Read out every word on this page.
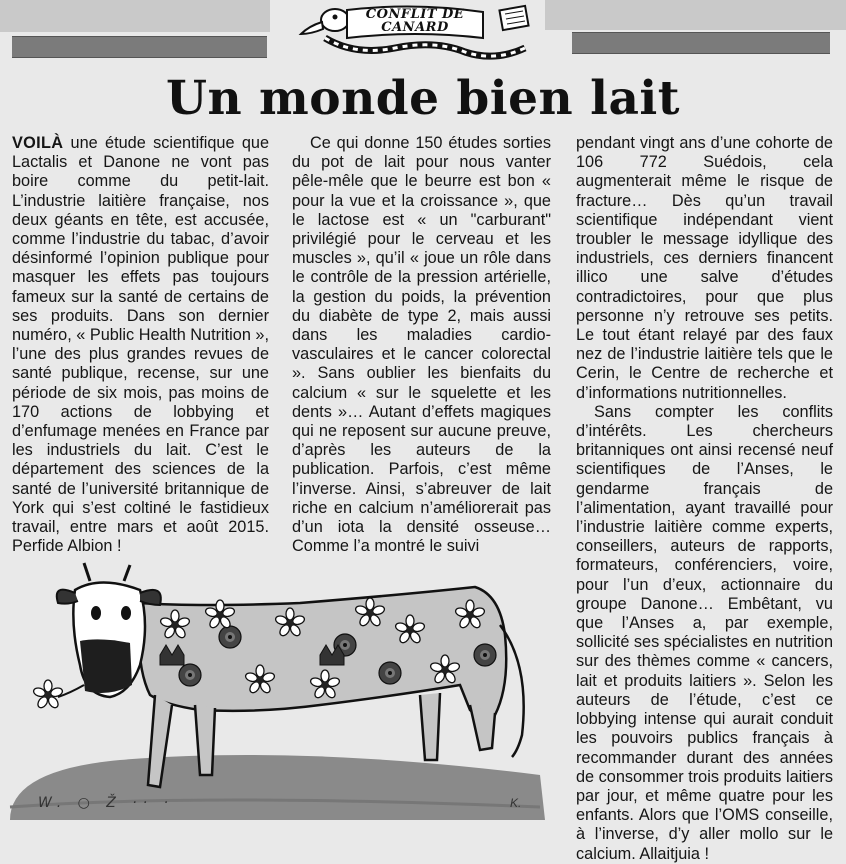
CONFLIT DE
CANARD
Un monde bien lait

VOILÀ une étude scientifique que Lactalis et Danone ne vont pas boire comme du petit-lait. L’industrie laitière française, nos deux géants en tête, est accusée, comme l’industrie du tabac, d’avoir désinformé l’opinion publique pour masquer les effets pas toujours fameux sur la santé de certains de ses produits. Dans son dernier numéro, « Public Health Nutrition », l’une des plus grandes revues de santé publique, recense, sur une période de six mois, pas moins de 170 actions de lobbying et d’enfumage menées en France par les industriels du lait. C’est le département des sciences de la santé de l’université britannique de York qui s’est coltiné le fastidieux travail, entre mars et août 2015. Perfide Albion !

Ce qui donne 150 études sorties du pot de lait pour nous vanter pêle-mêle que le beurre est bon « pour la vue et la croissance », que le lactose est « un "carburant" privilégié pour le cerveau et les muscles », qu’il « joue un rôle dans le contrôle de la pression artérielle, la gestion du poids, la prévention du diabète de type 2, mais aussi dans les maladies cardio-vasculaires et le cancer colorectal ». Sans oublier les bienfaits du calcium « sur le squelette et les dents »… Autant d’effets magiques qui ne reposent sur aucune preuve, d’après les auteurs de la publication. Parfois, c’est même l’inverse. Ainsi, s’abreuver de lait riche en calcium n’améliorerait pas d’un iota la densité osseuse… Comme l’a montré le suivi

pendant vingt ans d’une cohorte de 106 772 Suédois, cela augmenterait même le risque de fracture… Dès qu’un travail scientifique indépendant vient troubler le message idyllique des industriels, ces derniers financent illico une salve d’études contradictoires, pour que plus personne n’y retrouve ses petits. Le tout étant relayé par des faux nez de l’industrie laitière tels que le Cerin, le Centre de recherche et d’informations nutritionnelles.

Sans compter les conflits d’intérêts. Les chercheurs britanniques ont ainsi recensé neuf scientifiques de l’Anses, le gendarme français de l’alimentation, ayant travaillé pour l’industrie laitière comme experts, conseillers, auteurs de rapports, formateurs, conférenciers, voire, pour l’un d’eux, actionnaire du groupe Danone… Embêtant, vu que l’Anses a, par exemple, sollicité ses spécialistes en nutrition sur des thèmes comme « cancers, lait et produits laitiers ». Selon les auteurs de l’étude, c’est ce lobbying intense qui aurait conduit les pouvoirs publics français à recommander durant des années de consommer trois produits laitiers par jour, et même quatre pour les enfants. Alors que l’OMS conseille, à l’inverse, d’y aller mollo sur le calcium. Allaitjuia !

W. ○ Ž ·· ·	K.
